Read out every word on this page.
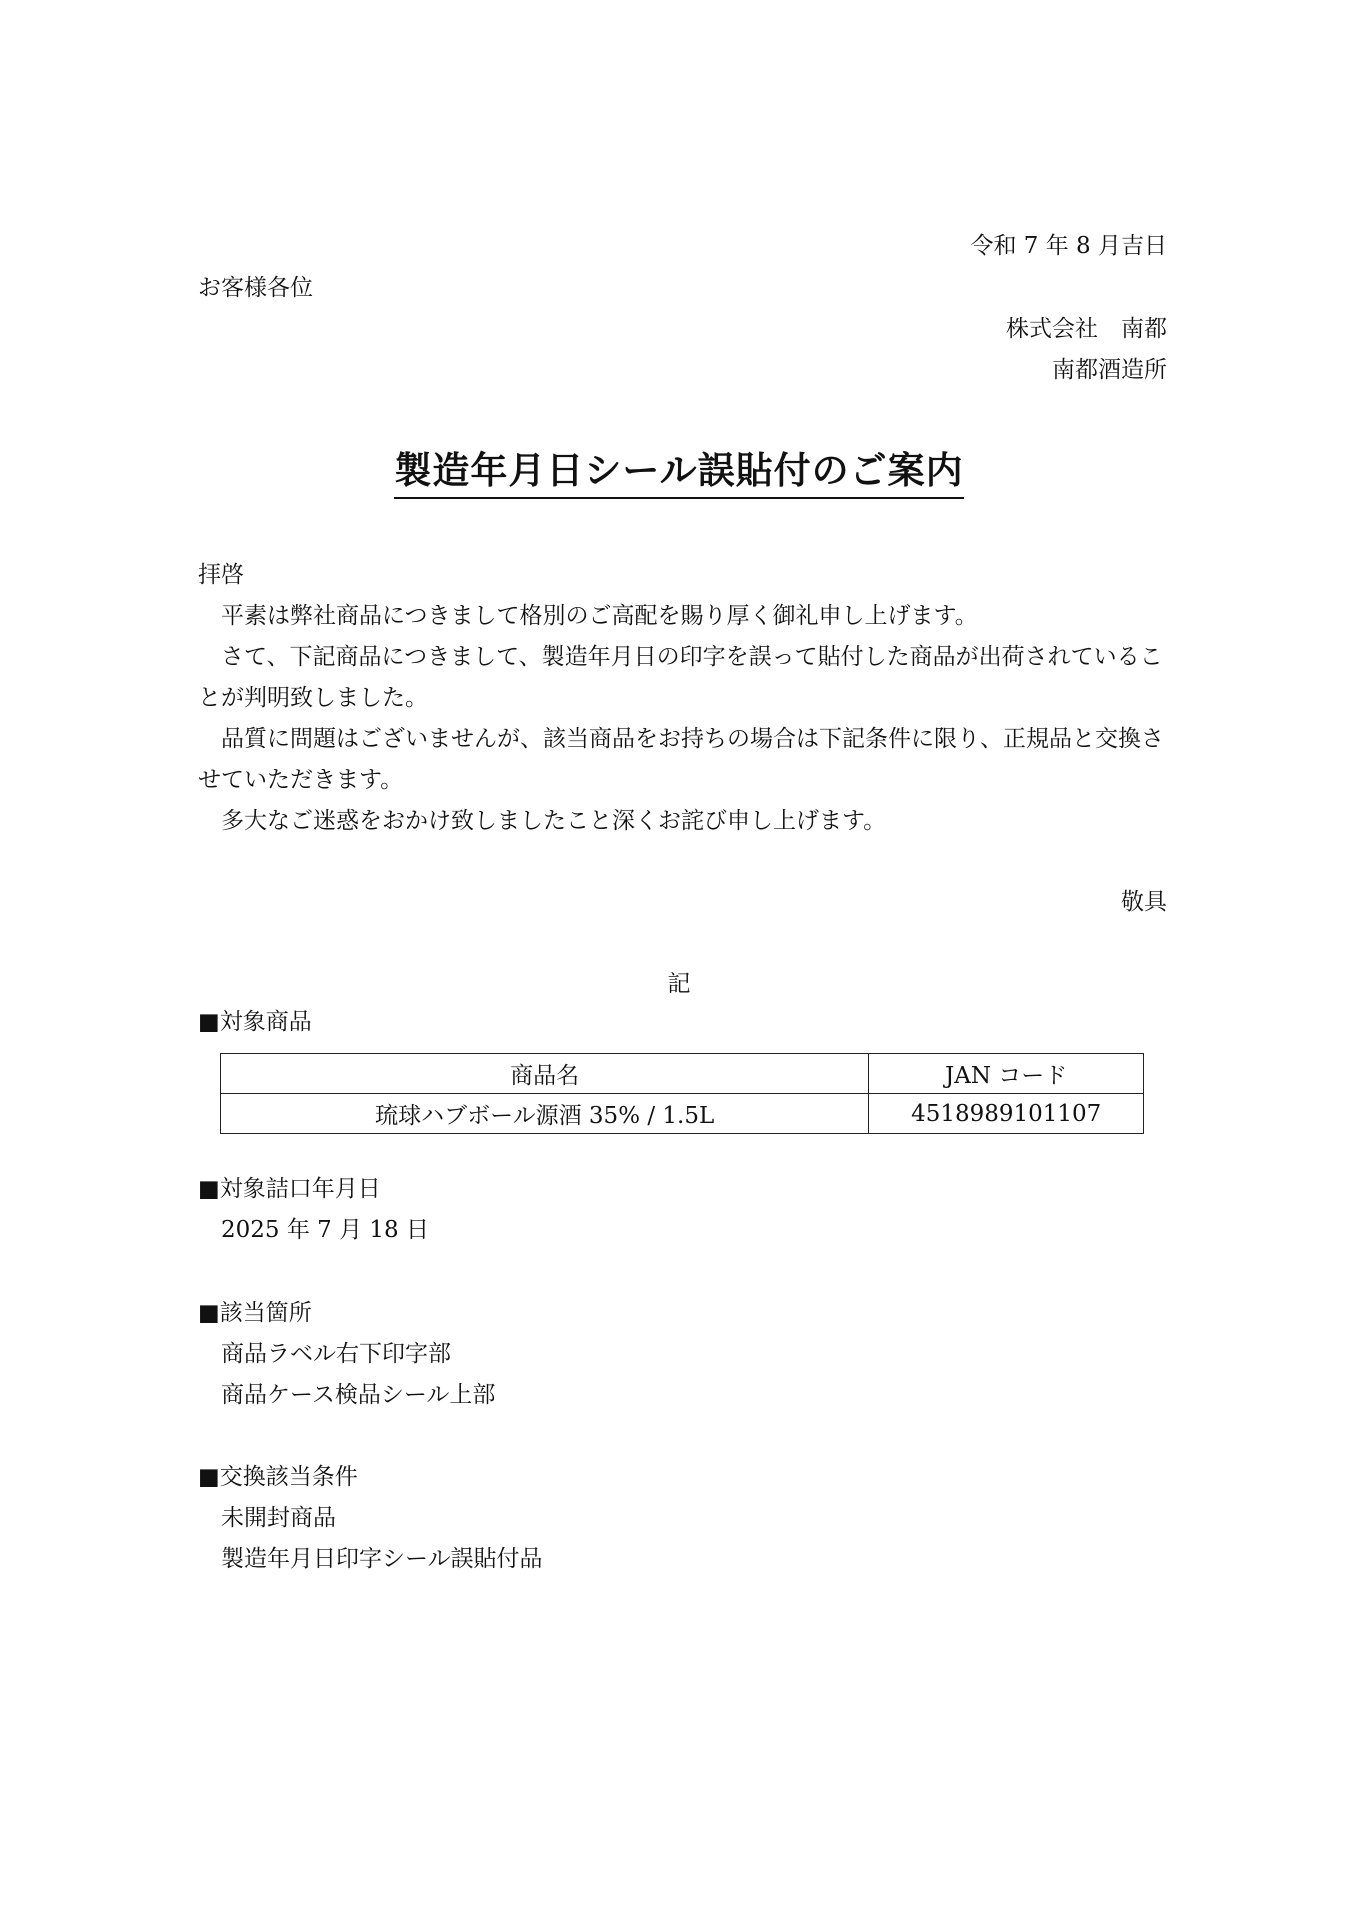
令和 7 年 8 月吉日
お客様各位
株式会社　南都
南都酒造所
製造年月日シール誤貼付のご案内

拝啓

平素は弊社商品につきまして格別のご高配を賜り厚く御礼申し上げます。

さて、下記商品につきまして、製造年月日の印字を誤って貼付した商品が出荷されていることが判明致しました。

品質に問題はございませんが、該当商品をお持ちの場合は下記条件に限り、正規品と交換させていただきます。

多大なご迷惑をおかけ致しましたこと深くお詫び申し上げます。

敬具
記
■対象商品
商品名	JAN コード
琉球ハブボール源酒 35% / 1.5L	4518989101107
■対象詰口年月日
2025 年 7 月 18 日
■該当箇所
商品ラベル右下印字部
商品ケース検品シール上部
■交換該当条件
未開封商品
製造年月日印字シール誤貼付品
